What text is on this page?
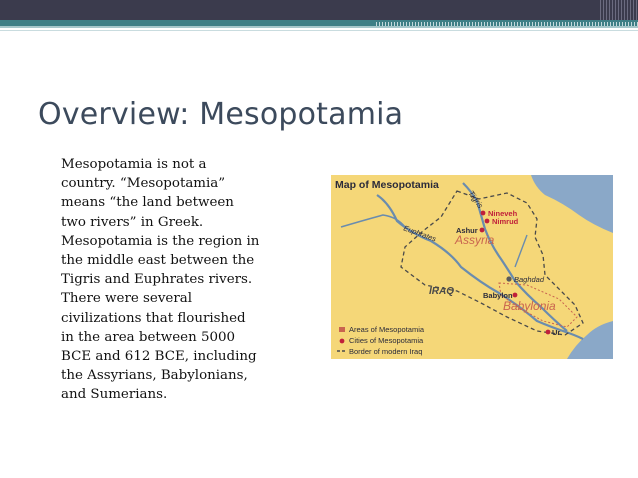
Overview: Mesopotamia
Mesopotamia is not a
country. “Mesopotamia”
means “the land between
two rivers” in Greek.
Mesopotamia is the region in
the middle east between the
Tigris and Euphrates rivers.
There were several
civilizations that flourished
in the area between 5000
BCE and 612 BCE, including
the Assyrians, Babylonians,
and Sumerians.
Map of Mesopotamia
Tigris
Euphrates Assyria
Babylonia
IRAQ
Nineveh
Nimrud
Ashur
Baghdad
Babylon
Ur
Areas of Mesopotamia
Cities of Mesopotamia
Border of modern Iraq
